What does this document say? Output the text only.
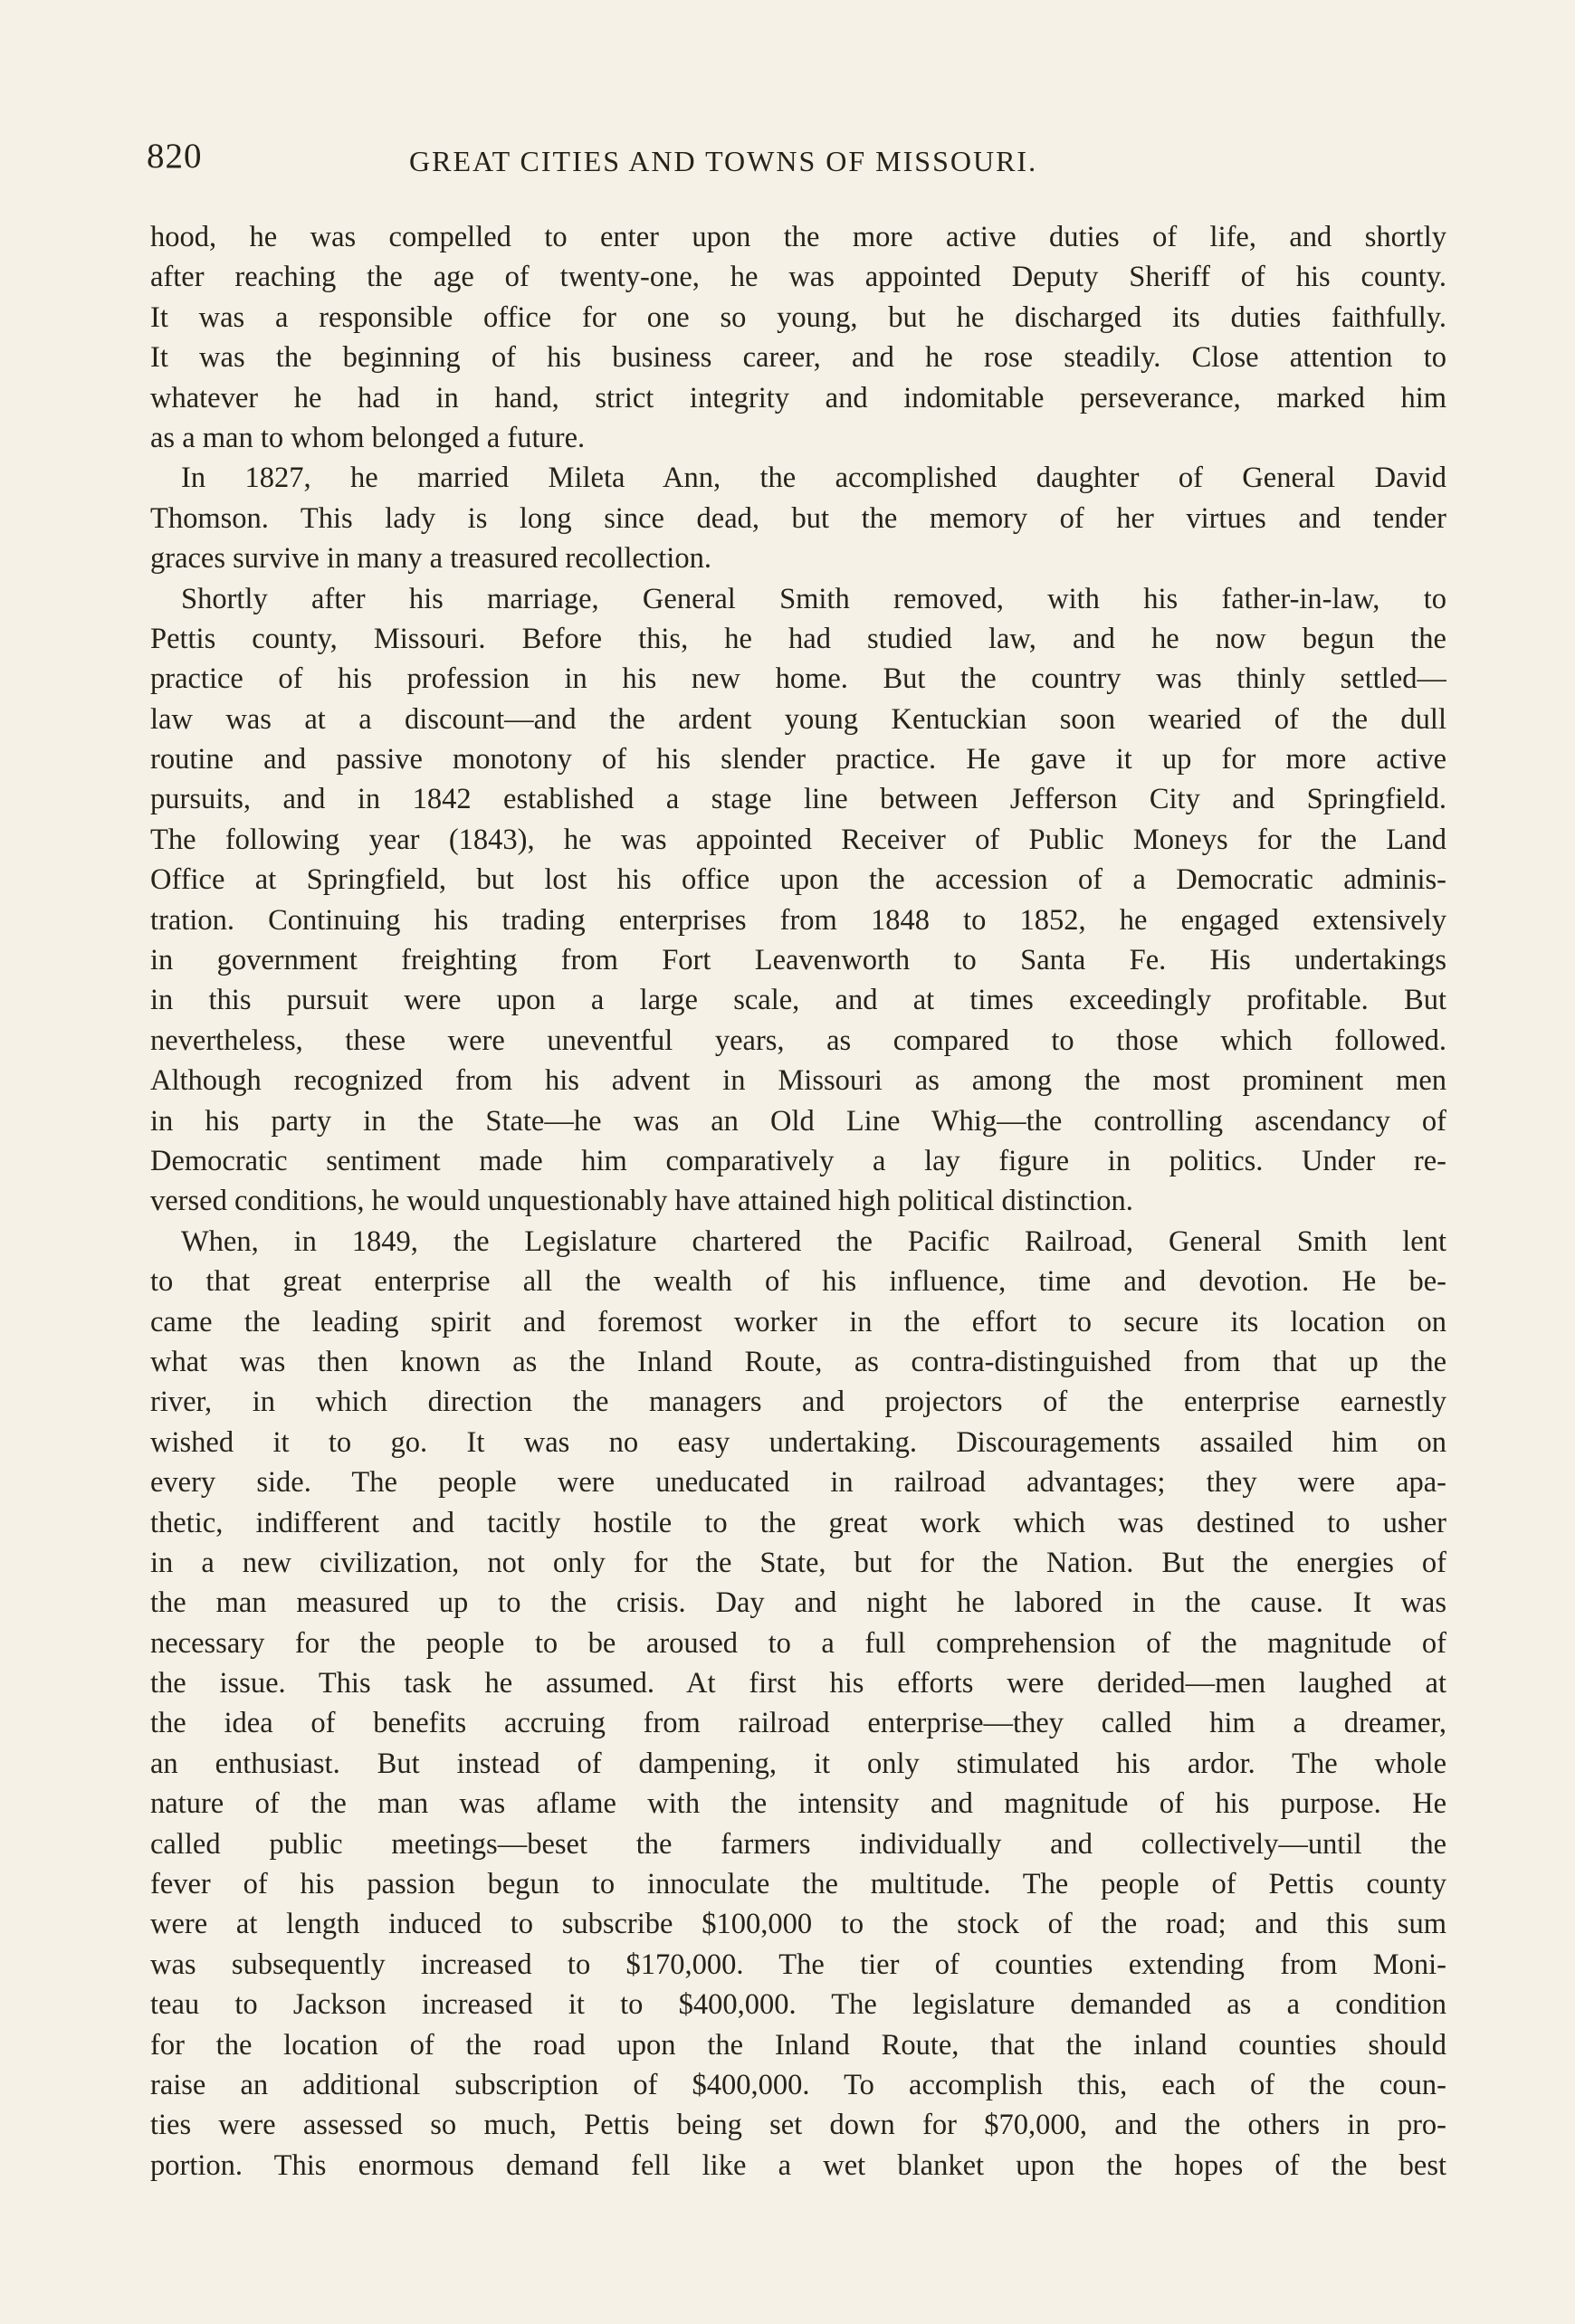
820	GREAT CITIES AND TOWNS OF MISSOURI.
hood, he was compelled to enter upon the more active duties of life, and shortly
after reaching the age of twenty-one, he was appointed Deputy Sheriff of his county.
It was a responsible office for one so young, but he discharged its duties faithfully.
It was the beginning of his business career, and he rose steadily. Close attention to
whatever he had in hand, strict integrity and indomitable perseverance, marked him
as a man to whom belonged a future.
In 1827, he married Mileta Ann, the accomplished daughter of General David
Thomson. This lady is long since dead, but the memory of her virtues and tender
graces survive in many a treasured recollection.
Shortly after his marriage, General Smith removed, with his father-in-law, to
Pettis county, Missouri. Before this, he had studied law, and he now begun the
practice of his profession in his new home. But the country was thinly settled—
law was at a discount—and the ardent young Kentuckian soon wearied of the dull
routine and passive monotony of his slender practice. He gave it up for more active
pursuits, and in 1842 established a stage line between Jefferson City and Springfield.
The following year (1843), he was appointed Receiver of Public Moneys for the Land
Office at Springfield, but lost his office upon the accession of a Democratic adminis-
tration. Continuing his trading enterprises from 1848 to 1852, he engaged extensively
in government freighting from Fort Leavenworth to Santa Fe. His undertakings
in this pursuit were upon a large scale, and at times exceedingly profitable. But
nevertheless, these were uneventful years, as compared to those which followed.
Although recognized from his advent in Missouri as among the most prominent men
in his party in the State—he was an Old Line Whig—the controlling ascendancy of
Democratic sentiment made him comparatively a lay figure in politics. Under re-
versed conditions, he would unquestionably have attained high political distinction.
When, in 1849, the Legislature chartered the Pacific Railroad, General Smith lent
to that great enterprise all the wealth of his influence, time and devotion. He be-
came the leading spirit and foremost worker in the effort to secure its location on
what was then known as the Inland Route, as contra-distinguished from that up the
river, in which direction the managers and projectors of the enterprise earnestly
wished it to go. It was no easy undertaking. Discouragements assailed him on
every side. The people were uneducated in railroad advantages; they were apa-
thetic, indifferent and tacitly hostile to the great work which was destined to usher
in a new civilization, not only for the State, but for the Nation. But the energies of
the man measured up to the crisis. Day and night he labored in the cause. It was
necessary for the people to be aroused to a full comprehension of the magnitude of
the issue. This task he assumed. At first his efforts were derided—men laughed at
the idea of benefits accruing from railroad enterprise—they called him a dreamer,
an enthusiast. But instead of dampening, it only stimulated his ardor. The whole
nature of the man was aflame with the intensity and magnitude of his purpose. He
called public meetings—beset the farmers individually and collectively—until the
fever of his passion begun to innoculate the multitude. The people of Pettis county
were at length induced to subscribe $100,000 to the stock of the road; and this sum
was subsequently increased to $170,000. The tier of counties extending from Moni-
teau to Jackson increased it to $400,000. The legislature demanded as a condition
for the location of the road upon the Inland Route, that the inland counties should
raise an additional subscription of $400,000. To accomplish this, each of the coun-
ties were assessed so much, Pettis being set down for $70,000, and the others in pro-
portion. This enormous demand fell like a wet blanket upon the hopes of the best
